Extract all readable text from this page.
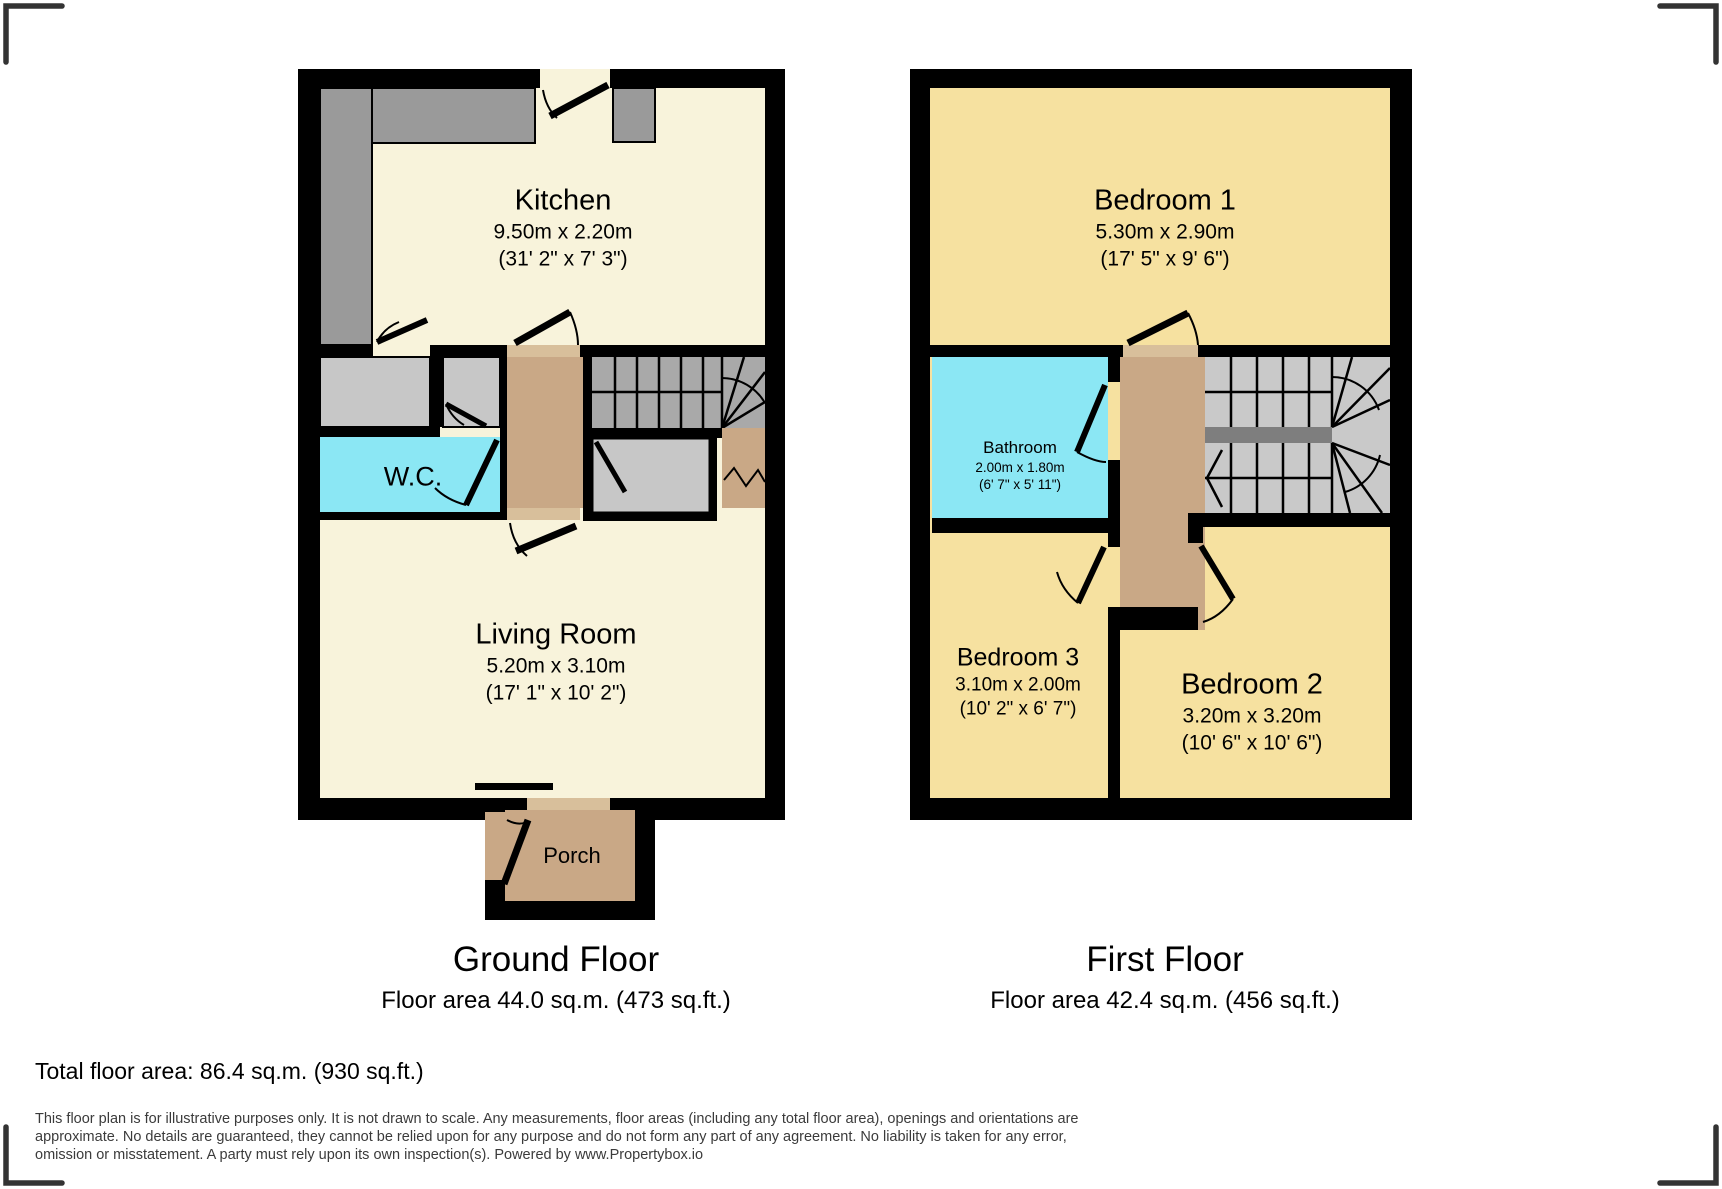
Kitchen
9.50m x 2.20m
(31' 2" x 7' 3")
W.C.
Living Room
5.20m x 3.10m
(17' 1" x 10' 2")
Porch
Bedroom 1
5.30m x 2.90m
(17' 5" x 9' 6")
Bathroom
2.00m x 1.80m
(6' 7" x 5' 11")
Bedroom 3
3.10m x 2.00m
(10' 2" x 6' 7")
Bedroom 2
3.20m x 3.20m
(10' 6" x 10' 6")
Ground Floor
Floor area 44.0 sq.m. (473 sq.ft.)
First Floor
Floor area 42.4 sq.m. (456 sq.ft.)
Total floor area: 86.4 sq.m. (930 sq.ft.)
This floor plan is for illustrative purposes only. It is not drawn to scale. Any measurements, floor areas (including any total floor area), openings and orientations are
approximate. No details are guaranteed, they cannot be relied upon for any purpose and do not form any part of any agreement. No liability is taken for any error,
omission or misstatement. A party must rely upon its own inspection(s). Powered by www.Propertybox.io
